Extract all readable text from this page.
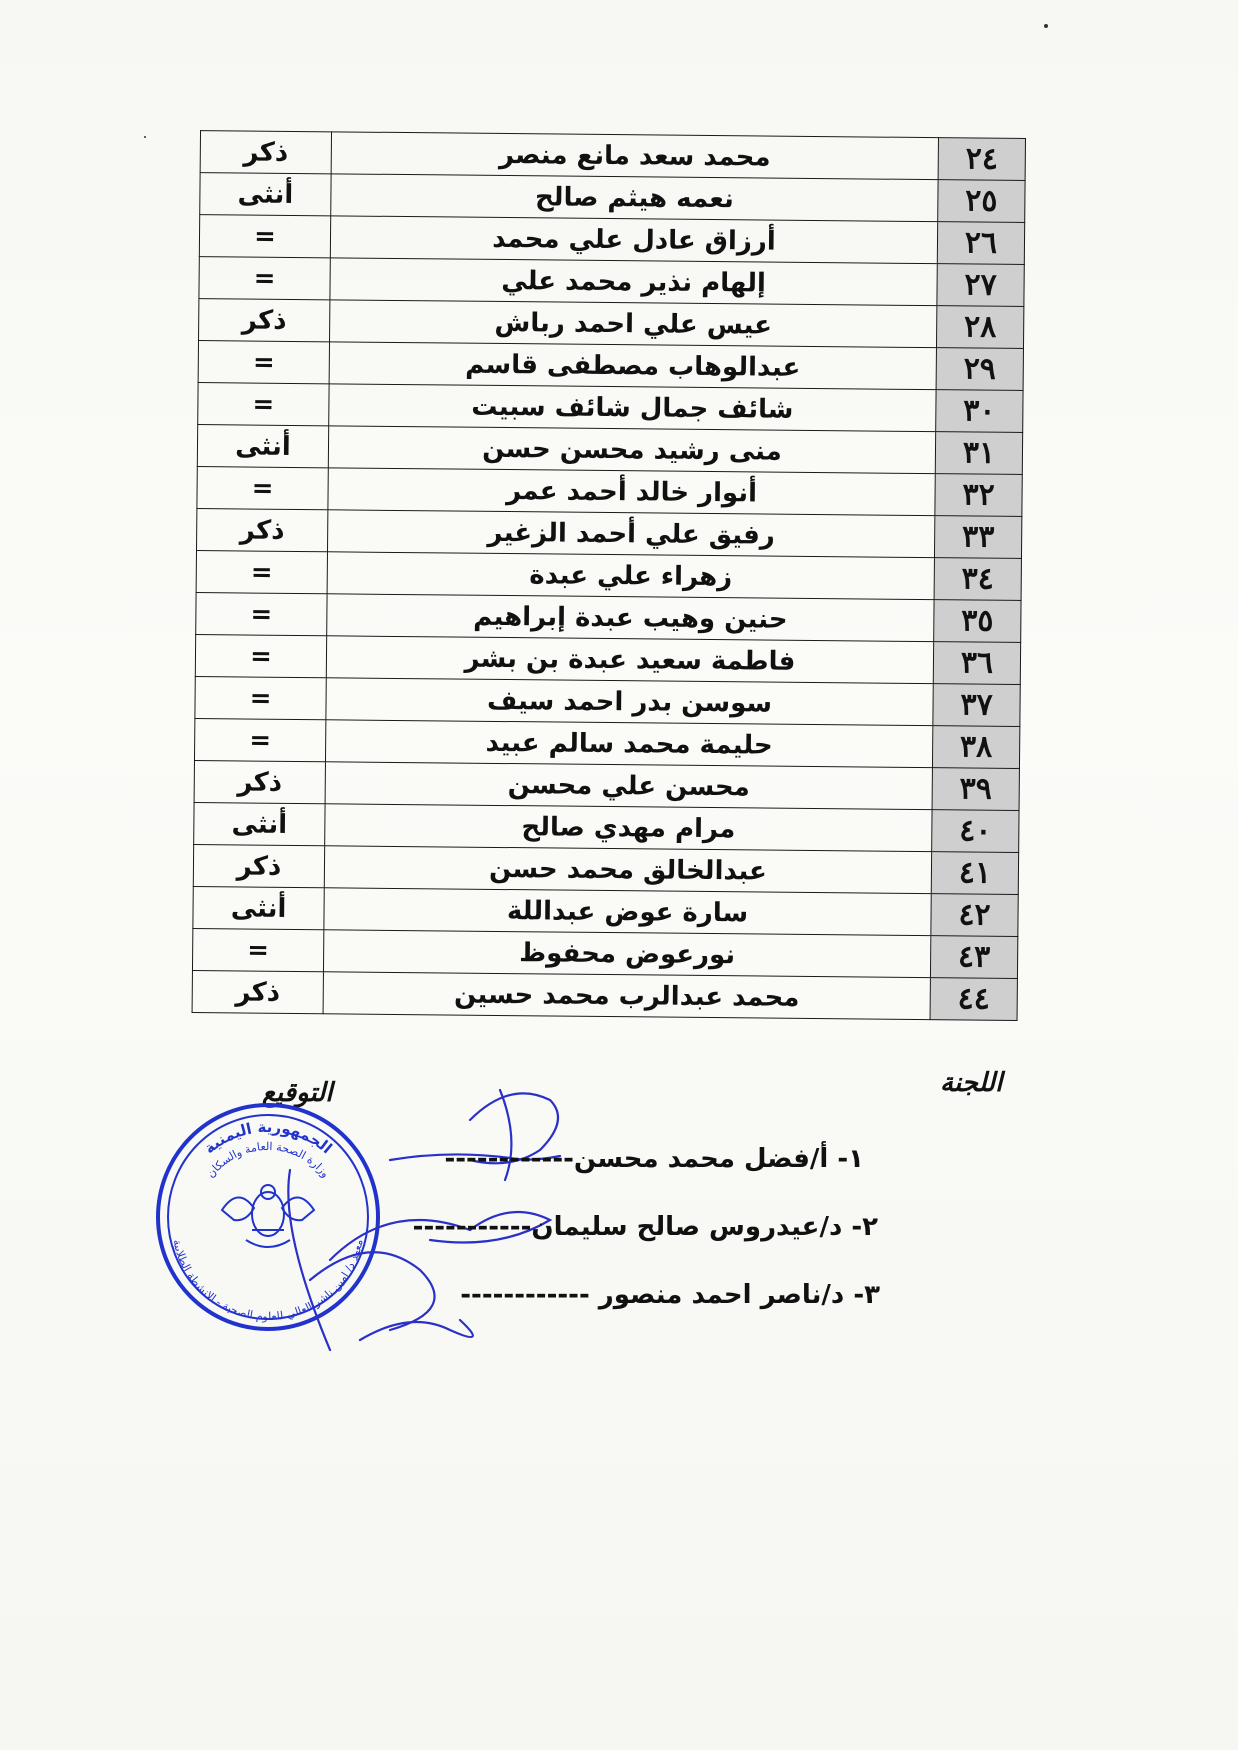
٢٤	محمد سعد مانع منصر	ذكر
٢٥	نعمه هيثم صالح	أنثى
٢٦	أرزاق عادل علي محمد	=
٢٧	إلهام نذير محمد علي	=
٢٨	عيس علي احمد رباش	ذكر
٢٩	عبدالوهاب مصطفى قاسم	=
٣٠	شائف جمال شائف سبيت	=
٣١	منى رشيد محسن حسن	أنثى
٣٢	أنوار خالد أحمد عمر	=
٣٣	رفيق علي أحمد الزغير	ذكر
٣٤	زهراء علي عبدة	=
٣٥	حنين وهيب عبدة إبراهيم	=
٣٦	فاطمة سعيد عبدة بن بشر	=
٣٧	سوسن بدر احمد سيف	=
٣٨	حليمة محمد سالم عبيد	=
٣٩	محسن علي محسن	ذكر
٤٠	مرام مهدي صالح	أنثى
٤١	عبدالخالق محمد حسن	ذكر
٤٢	سارة عوض عبداللة	أنثى
٤٣	نورعوض محفوظ	=
٤٤	محمد عبدالرب محمد حسين	ذكر
اللجنة
التوقيع
الجمهورية اليمنية
وزارة الصحة العامة والسكان
معهد د/ امين ناشر العالي للعلوم الصحية - الانشطة الطلابية
١- أ/فضل محمد محسن------------
٢- د/عيدروس صالح سليمان-----------
٣- د/ناصر احمد منصور ------------
